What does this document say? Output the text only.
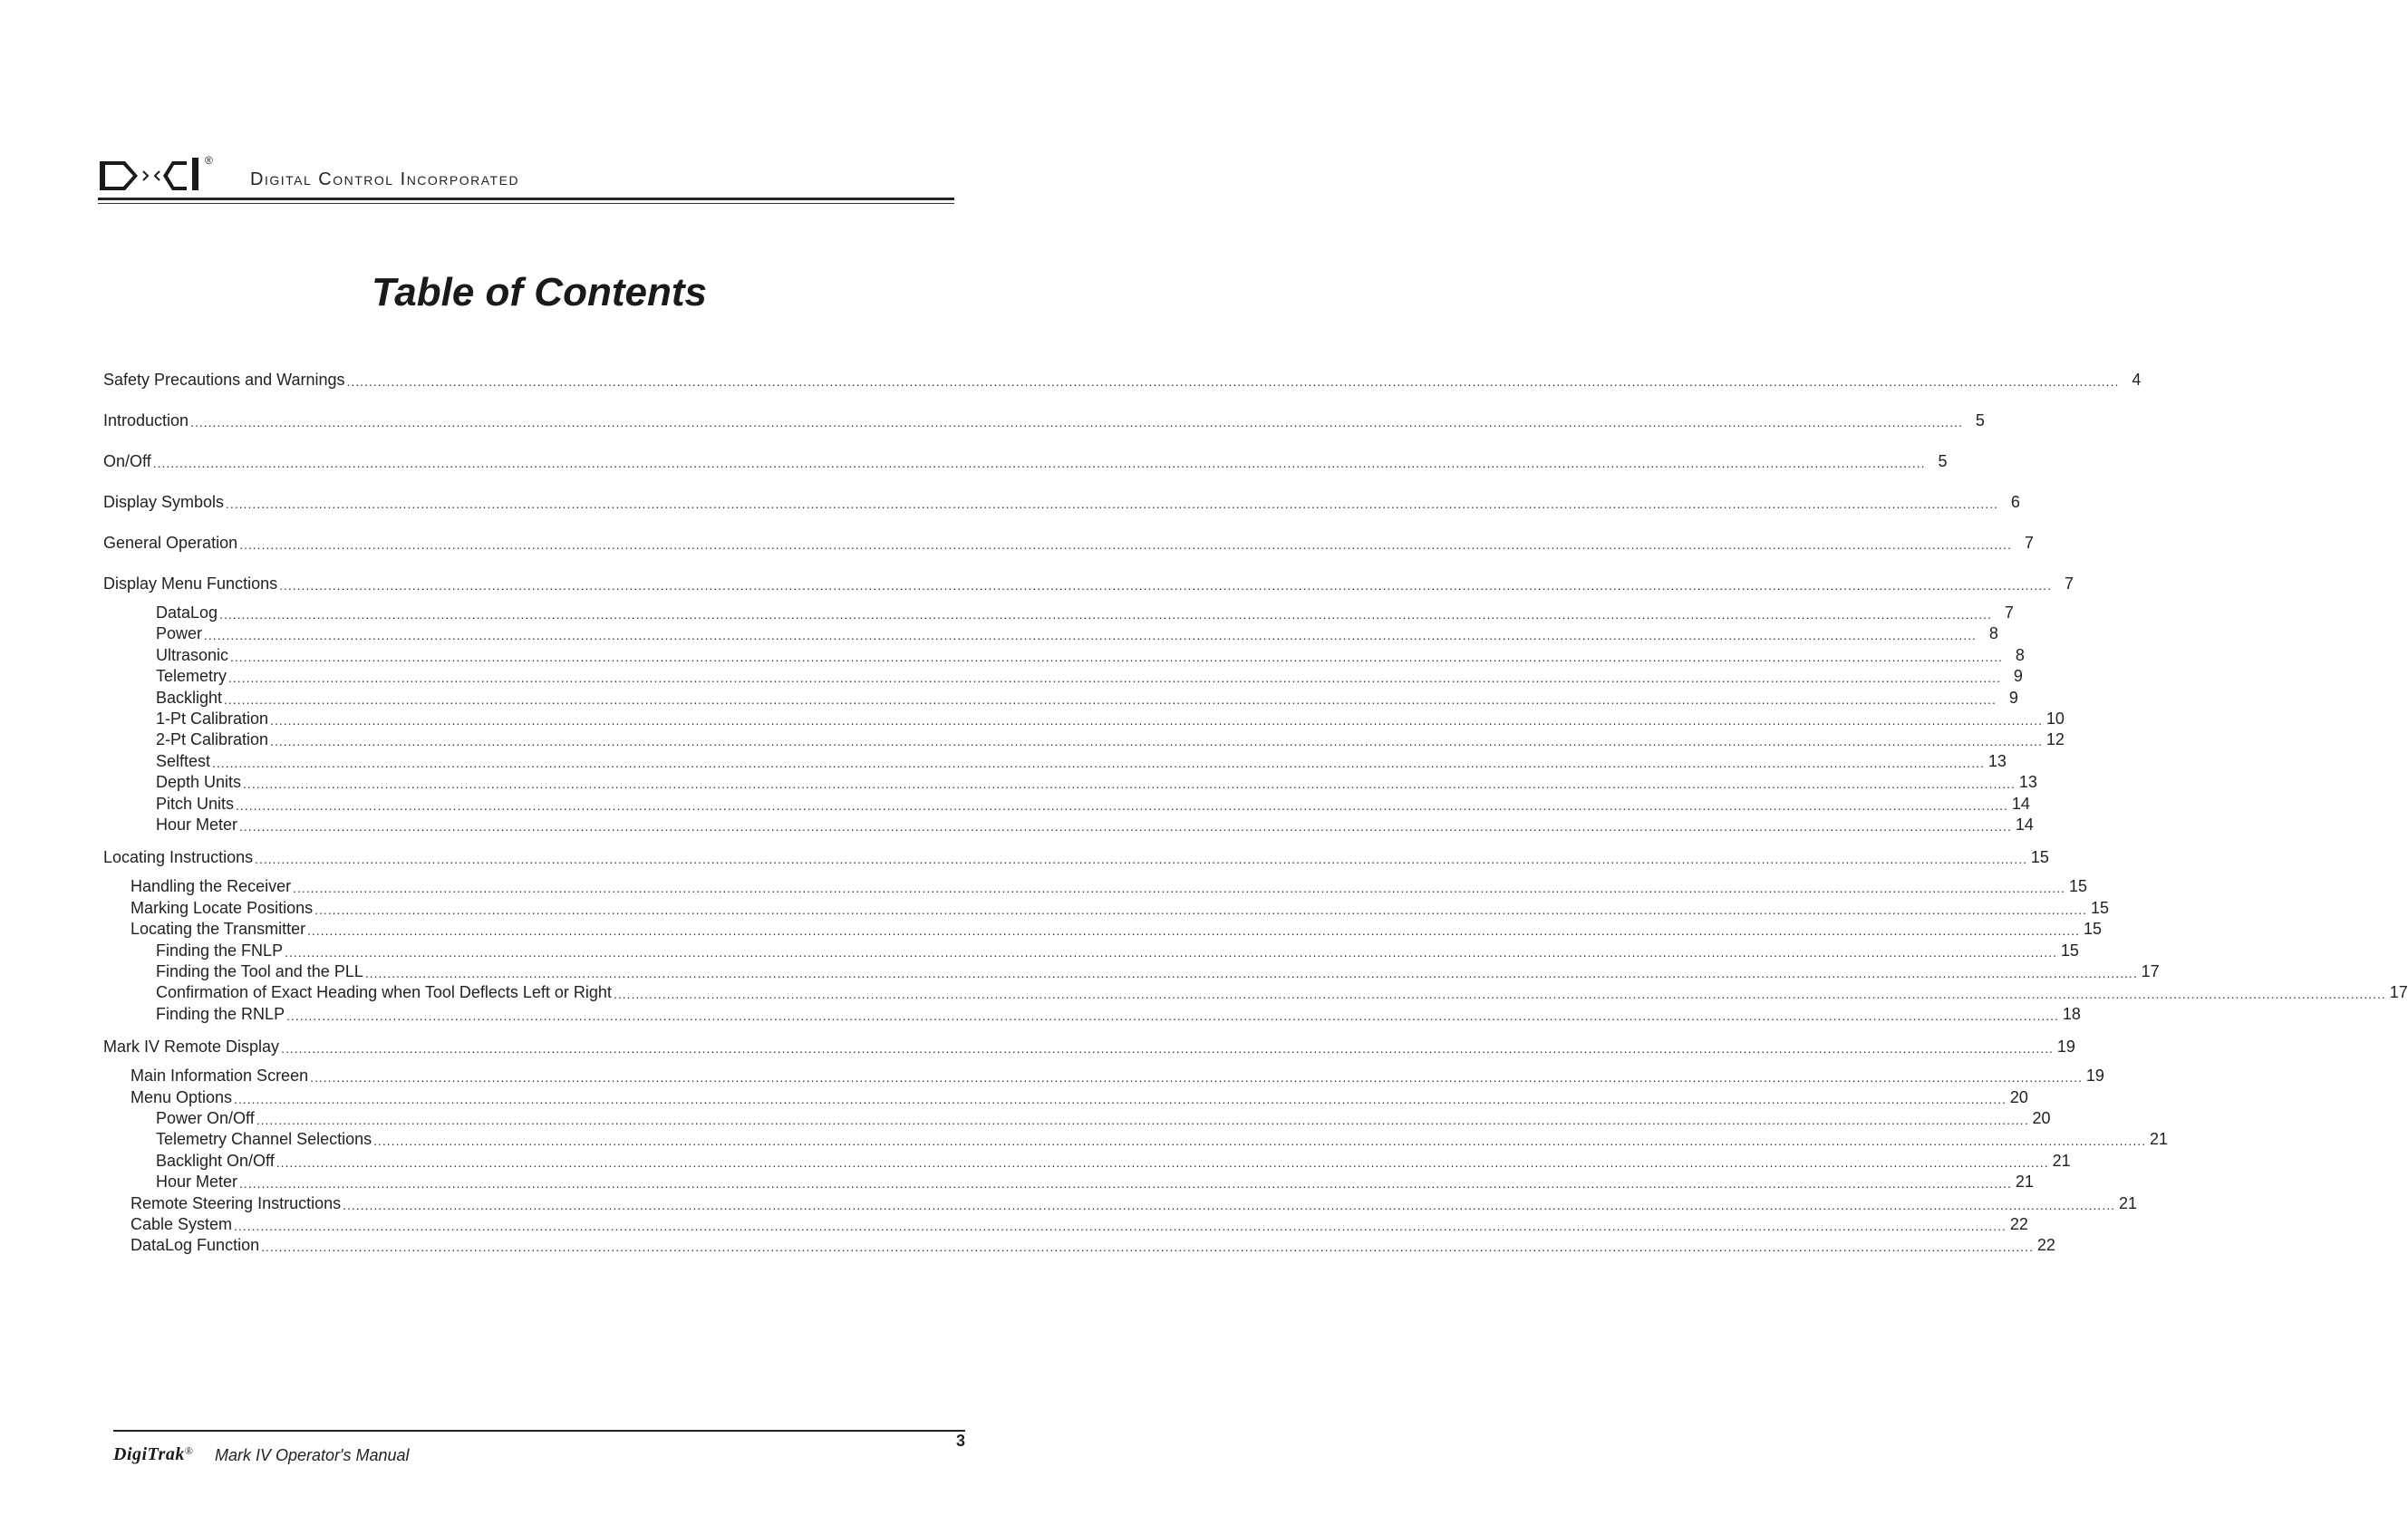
®
Digital Control Incorporated
Table of Contents
Safety Precautions and Warnings ................................................................................................................................................................................................................................................................................................................................................................................................................ 4
Introduction ................................................................................................................................................................................................................................................................................................................................................................................................................ 5
On/Off ................................................................................................................................................................................................................................................................................................................................................................................................................ 5
Display Symbols ................................................................................................................................................................................................................................................................................................................................................................................................................ 6
General Operation ................................................................................................................................................................................................................................................................................................................................................................................................................ 7
Display Menu Functions ................................................................................................................................................................................................................................................................................................................................................................................................................ 7
DataLog ................................................................................................................................................................................................................................................................................................................................................................................................................ 7
Power ................................................................................................................................................................................................................................................................................................................................................................................................................ 8
Ultrasonic ................................................................................................................................................................................................................................................................................................................................................................................................................ 8
Telemetry ................................................................................................................................................................................................................................................................................................................................................................................................................ 9
Backlight ................................................................................................................................................................................................................................................................................................................................................................................................................ 9
1-Pt Calibration ................................................................................................................................................................................................................................................................................................................................................................................................................ 10
2-Pt Calibration ................................................................................................................................................................................................................................................................................................................................................................................................................ 12
Selftest ................................................................................................................................................................................................................................................................................................................................................................................................................ 13
Depth Units ................................................................................................................................................................................................................................................................................................................................................................................................................ 13
Pitch Units ................................................................................................................................................................................................................................................................................................................................................................................................................ 14
Hour Meter ................................................................................................................................................................................................................................................................................................................................................................................................................ 14
Locating Instructions ................................................................................................................................................................................................................................................................................................................................................................................................................ 15
Handling the Receiver ................................................................................................................................................................................................................................................................................................................................................................................................................ 15
Marking Locate Positions ................................................................................................................................................................................................................................................................................................................................................................................................................ 15
Locating the Transmitter ................................................................................................................................................................................................................................................................................................................................................................................................................ 15
Finding the FNLP ................................................................................................................................................................................................................................................................................................................................................................................................................ 15
Finding the Tool and the PLL ................................................................................................................................................................................................................................................................................................................................................................................................................ 17
Confirmation of Exact Heading when Tool Deflects Left or Right ................................................................................................................................................................................................................................................................................................................................................................................................................ 17
Finding the RNLP ................................................................................................................................................................................................................................................................................................................................................................................................................ 18
Mark IV Remote Display ................................................................................................................................................................................................................................................................................................................................................................................................................ 19
Main Information Screen ................................................................................................................................................................................................................................................................................................................................................................................................................ 19
Menu Options ................................................................................................................................................................................................................................................................................................................................................................................................................ 20
Power On/Off ................................................................................................................................................................................................................................................................................................................................................................................................................ 20
Telemetry Channel Selections ................................................................................................................................................................................................................................................................................................................................................................................................................ 21
Backlight On/Off ................................................................................................................................................................................................................................................................................................................................................................................................................ 21
Hour Meter ................................................................................................................................................................................................................................................................................................................................................................................................................ 21
Remote Steering Instructions ................................................................................................................................................................................................................................................................................................................................................................................................................ 21
Cable System ................................................................................................................................................................................................................................................................................................................................................................................................................ 22
DataLog Function ................................................................................................................................................................................................................................................................................................................................................................................................................ 22
DigiTrak® Mark IV Operator's Manual
3
